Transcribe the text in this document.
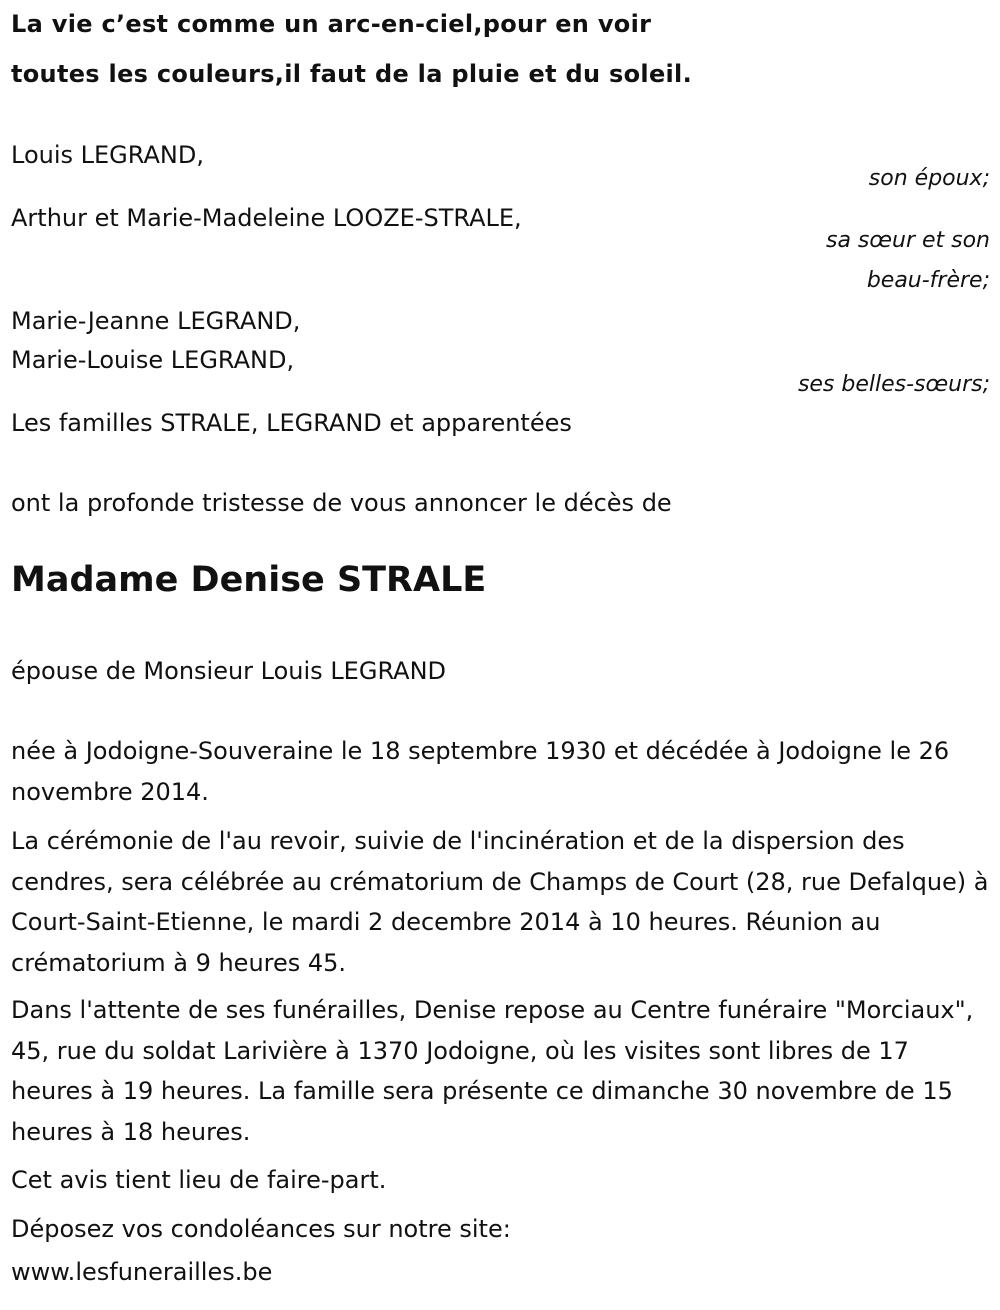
La vie c’est comme un arc-en-ciel,pour en voir
toutes les couleurs,il faut de la pluie et du soleil.
Louis LEGRAND,
son époux;
Arthur et Marie-Madeleine LOOZE-STRALE,
sa sœur et son
beau-frère;
Marie-Jeanne LEGRAND,
Marie-Louise LEGRAND,
ses belles-sœurs;
Les familles STRALE, LEGRAND et apparentées
ont la profonde tristesse de vous annoncer le décès de
Madame Denise STRALE
épouse de Monsieur Louis LEGRAND
née à Jodoigne-Souveraine le 18 septembre 1930 et décédée à Jodoigne le 26 novembre 2014.
La cérémonie de l'au revoir, suivie de l'incinération et de la dispersion des cendres, sera célébrée au crématorium de Champs de Court (28, rue Defalque) à Court-Saint-Etienne, le mardi 2 decembre 2014 à 10 heures. Réunion au crématorium à 9 heures 45.
Dans l'attente de ses funérailles, Denise repose au Centre funéraire "Morciaux", 45, rue du soldat Larivière à 1370 Jodoigne, où les visites sont libres de 17 heures à 19 heures. La famille sera présente ce dimanche 30 novembre de 15 heures à 18 heures.
Cet avis tient lieu de faire-part.
Déposez vos condoléances sur notre site:
www.lesfunerailles.be
